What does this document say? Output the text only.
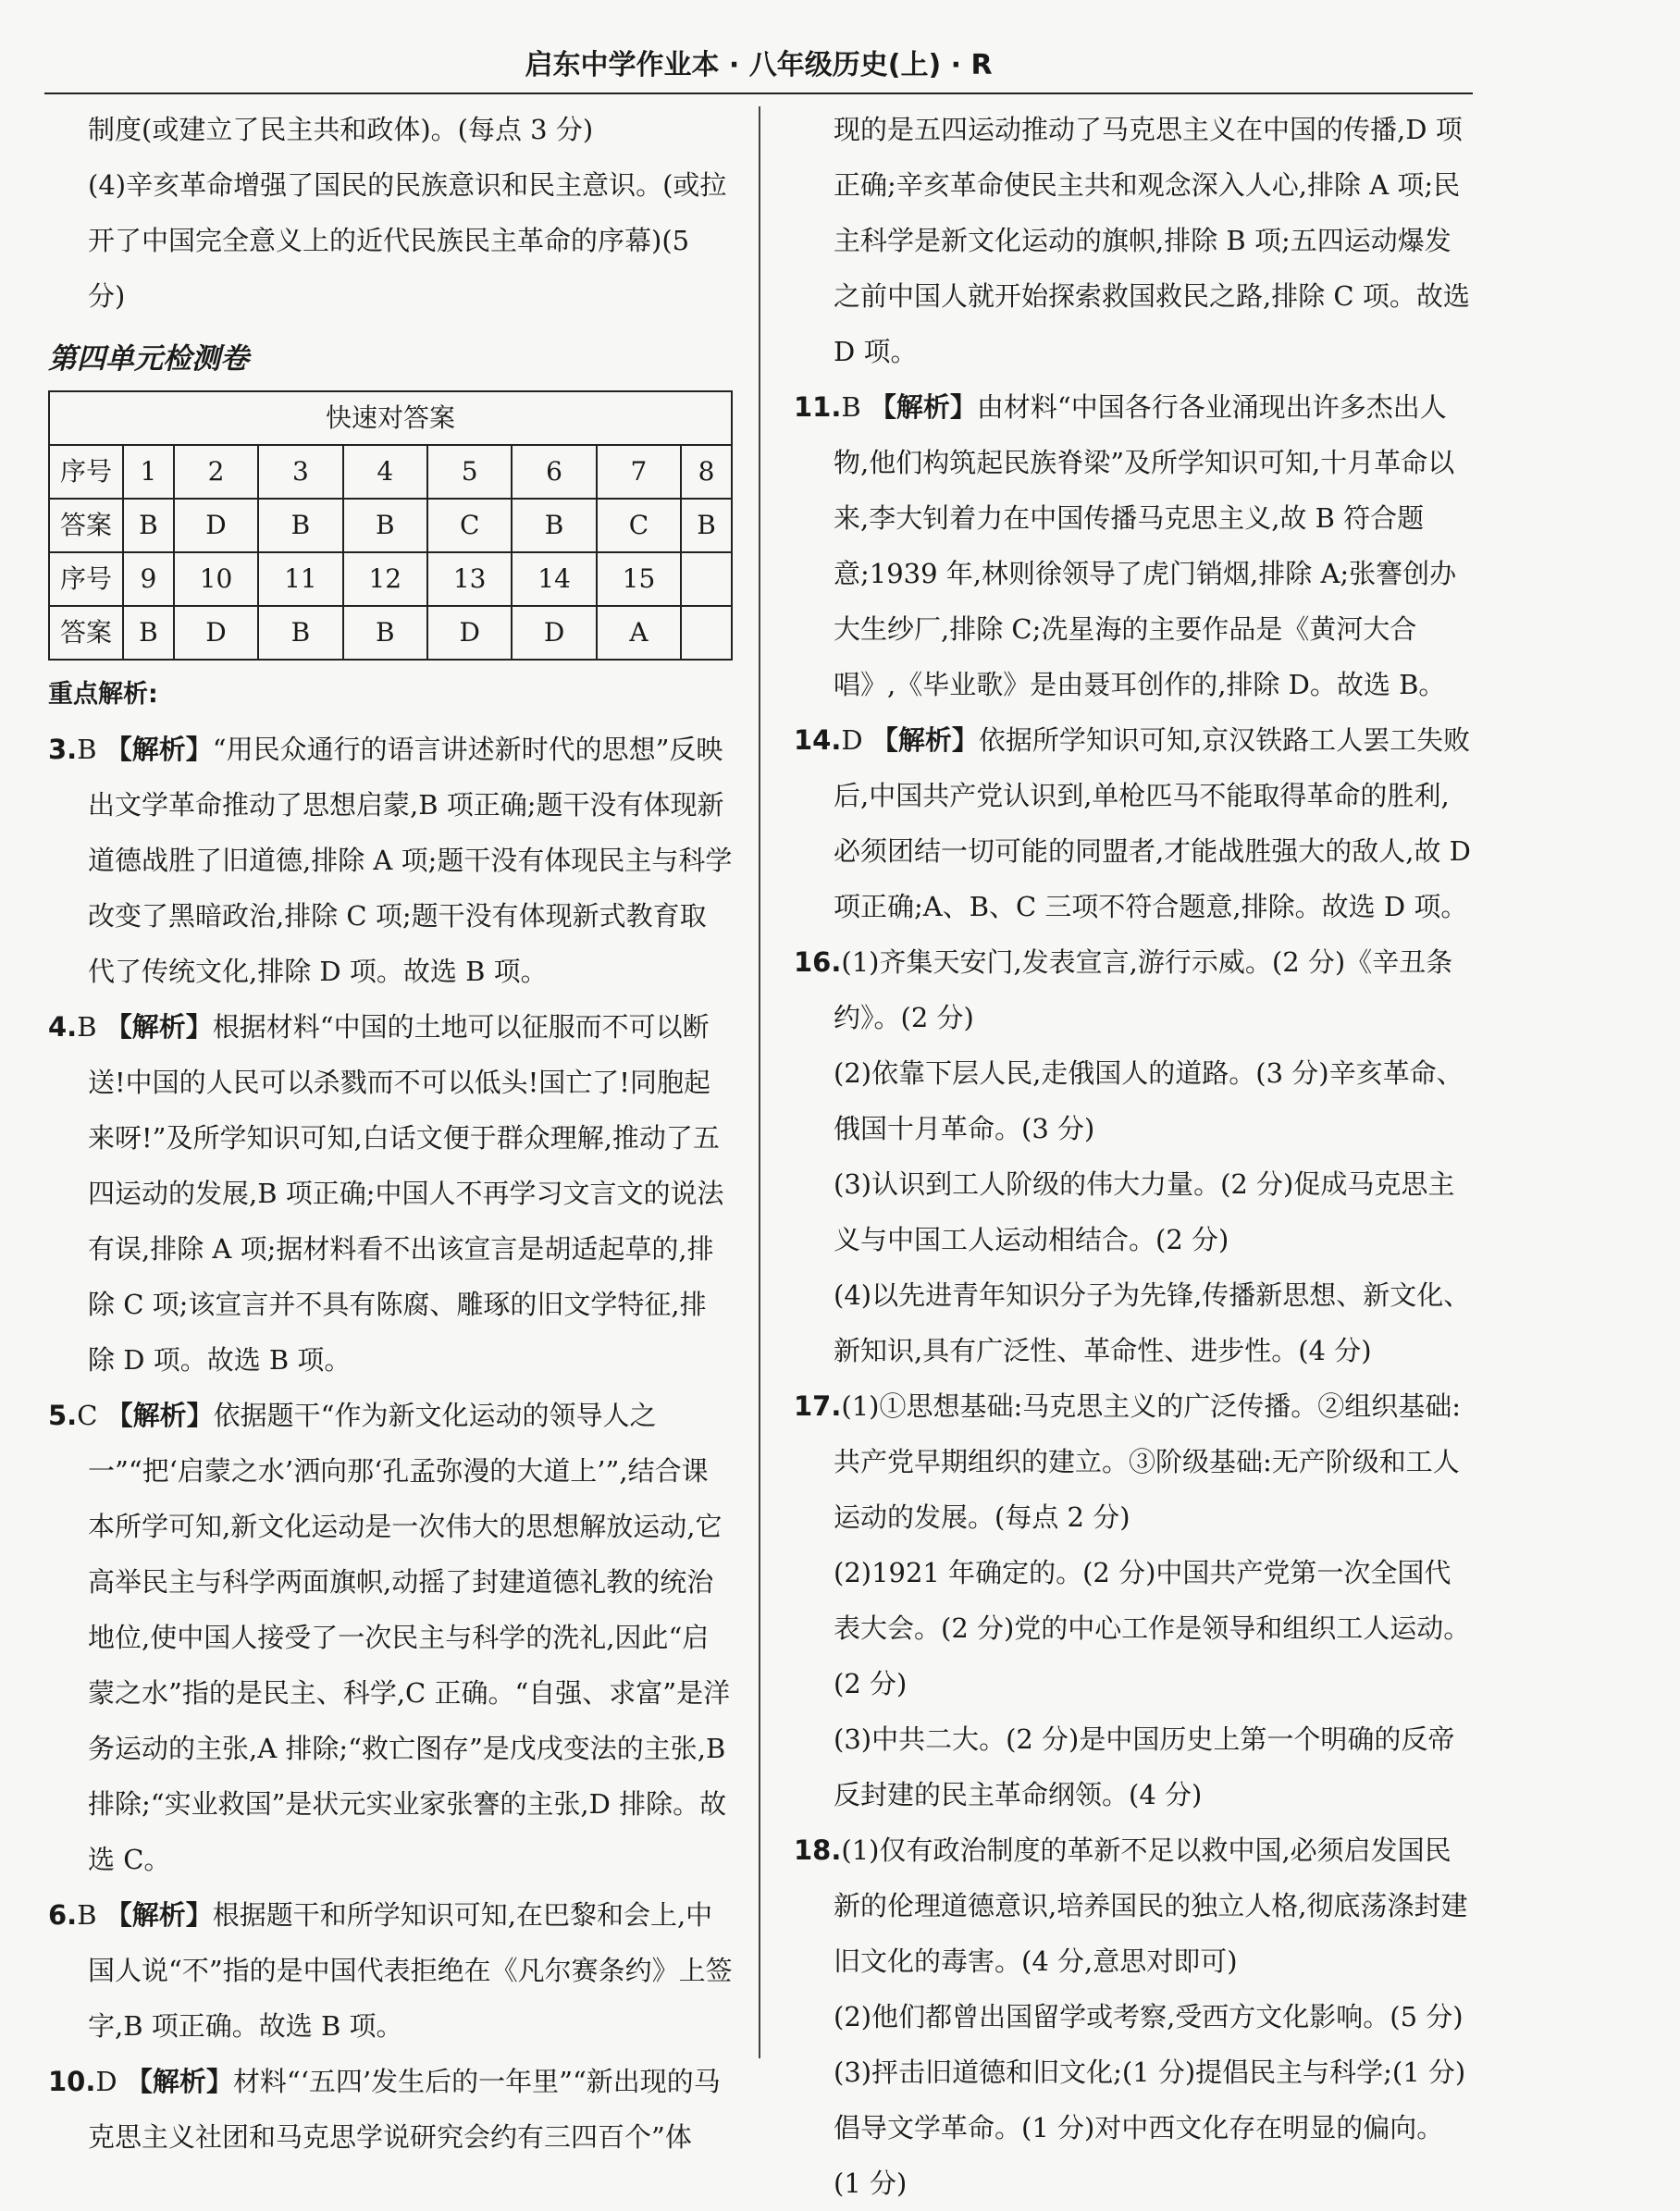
启东中学作业本 · 八年级历史(上) · R

制度(或建立了民主共和政体)。(每点 3 分)

(4)辛亥革命增强了国民的民族意识和民主意识。(或拉开了中国完全意义上的近代民族民主革命的序幕)(5 分)

第四单元检测卷
快速对答案								
序号	1	2	3	4	5	6	7	8
答案	B	D	B	B	C	B	C	B
序号	9	10	11	12	13	14	15	
答案	B	D	B	B	D	D	A	
重点解析:

3.B 【解析】“用民众通行的语言讲述新时代的思想”反映出文学革命推动了思想启蒙,B 项正确;题干没有体现新道德战胜了旧道德,排除 A 项;题干没有体现民主与科学改变了黑暗政治,排除 C 项;题干没有体现新式教育取代了传统文化,排除 D 项。故选 B 项。

4.B 【解析】根据材料“中国的土地可以征服而不可以断送!中国的人民可以杀戮而不可以低头!国亡了!同胞起来呀!”及所学知识可知,白话文便于群众理解,推动了五四运动的发展,B 项正确;中国人不再学习文言文的说法有误,排除 A 项;据材料看不出该宣言是胡适起草的,排除 C 项;该宣言并不具有陈腐、雕琢的旧文学特征,排除 D 项。故选 B 项。

5.C 【解析】依据题干“作为新文化运动的领导人之一”“把‘启蒙之水’洒向那‘孔孟弥漫的大道上’”,结合课本所学可知,新文化运动是一次伟大的思想解放运动,它高举民主与科学两面旗帜,动摇了封建道德礼教的统治地位,使中国人接受了一次民主与科学的洗礼,因此“启蒙之水”指的是民主、科学,C 正确。“自强、求富”是洋务运动的主张,A 排除;“救亡图存”是戊戌变法的主张,B 排除;“实业救国”是状元实业家张謇的主张,D 排除。故选 C。

6.B 【解析】根据题干和所学知识可知,在巴黎和会上,中国人说“不”指的是中国代表拒绝在《凡尔赛条约》上签字,B 项正确。故选 B 项。

10.D 【解析】材料“‘五四’发生后的一年里”“新出现的马克思主义社团和马克思学说研究会约有三四百个”体

现的是五四运动推动了马克思主义在中国的传播,D 项正确;辛亥革命使民主共和观念深入人心,排除 A 项;民主科学是新文化运动的旗帜,排除 B 项;五四运动爆发之前中国人就开始探索救国救民之路,排除 C 项。故选 D 项。

11.B 【解析】由材料“中国各行各业涌现出许多杰出人物,他们构筑起民族脊梁”及所学知识可知,十月革命以来,李大钊着力在中国传播马克思主义,故 B 符合题意;1939 年,林则徐领导了虎门销烟,排除 A;张謇创办大生纱厂,排除 C;冼星海的主要作品是《黄河大合唱》,《毕业歌》是由聂耳创作的,排除 D。故选 B。

14.D 【解析】依据所学知识可知,京汉铁路工人罢工失败后,中国共产党认识到,单枪匹马不能取得革命的胜利,必须团结一切可能的同盟者,才能战胜强大的敌人,故 D 项正确;A、B、C 三项不符合题意,排除。故选 D 项。

16.(1)齐集天安门,发表宣言,游行示威。(2 分)《辛丑条约》。(2 分)

(2)依靠下层人民,走俄国人的道路。(3 分)辛亥革命、俄国十月革命。(3 分)

(3)认识到工人阶级的伟大力量。(2 分)促成马克思主义与中国工人运动相结合。(2 分)

(4)以先进青年知识分子为先锋,传播新思想、新文化、新知识,具有广泛性、革命性、进步性。(4 分)

17.(1)①思想基础:马克思主义的广泛传播。②组织基础:共产党早期组织的建立。③阶级基础:无产阶级和工人运动的发展。(每点 2 分)

(2)1921 年确定的。(2 分)中国共产党第一次全国代表大会。(2 分)党的中心工作是领导和组织工人运动。(2 分)

(3)中共二大。(2 分)是中国历史上第一个明确的反帝反封建的民主革命纲领。(4 分)

18.(1)仅有政治制度的革新不足以救中国,必须启发国民新的伦理道德意识,培养国民的独立人格,彻底荡涤封建旧文化的毒害。(4 分,意思对即可)

(2)他们都曾出国留学或考察,受西方文化影响。(5 分)

(3)抨击旧道德和旧文化;(1 分)提倡民主与科学;(1 分)倡导文学革命。(1 分)对中西文化存在明显的偏向。(1 分)
